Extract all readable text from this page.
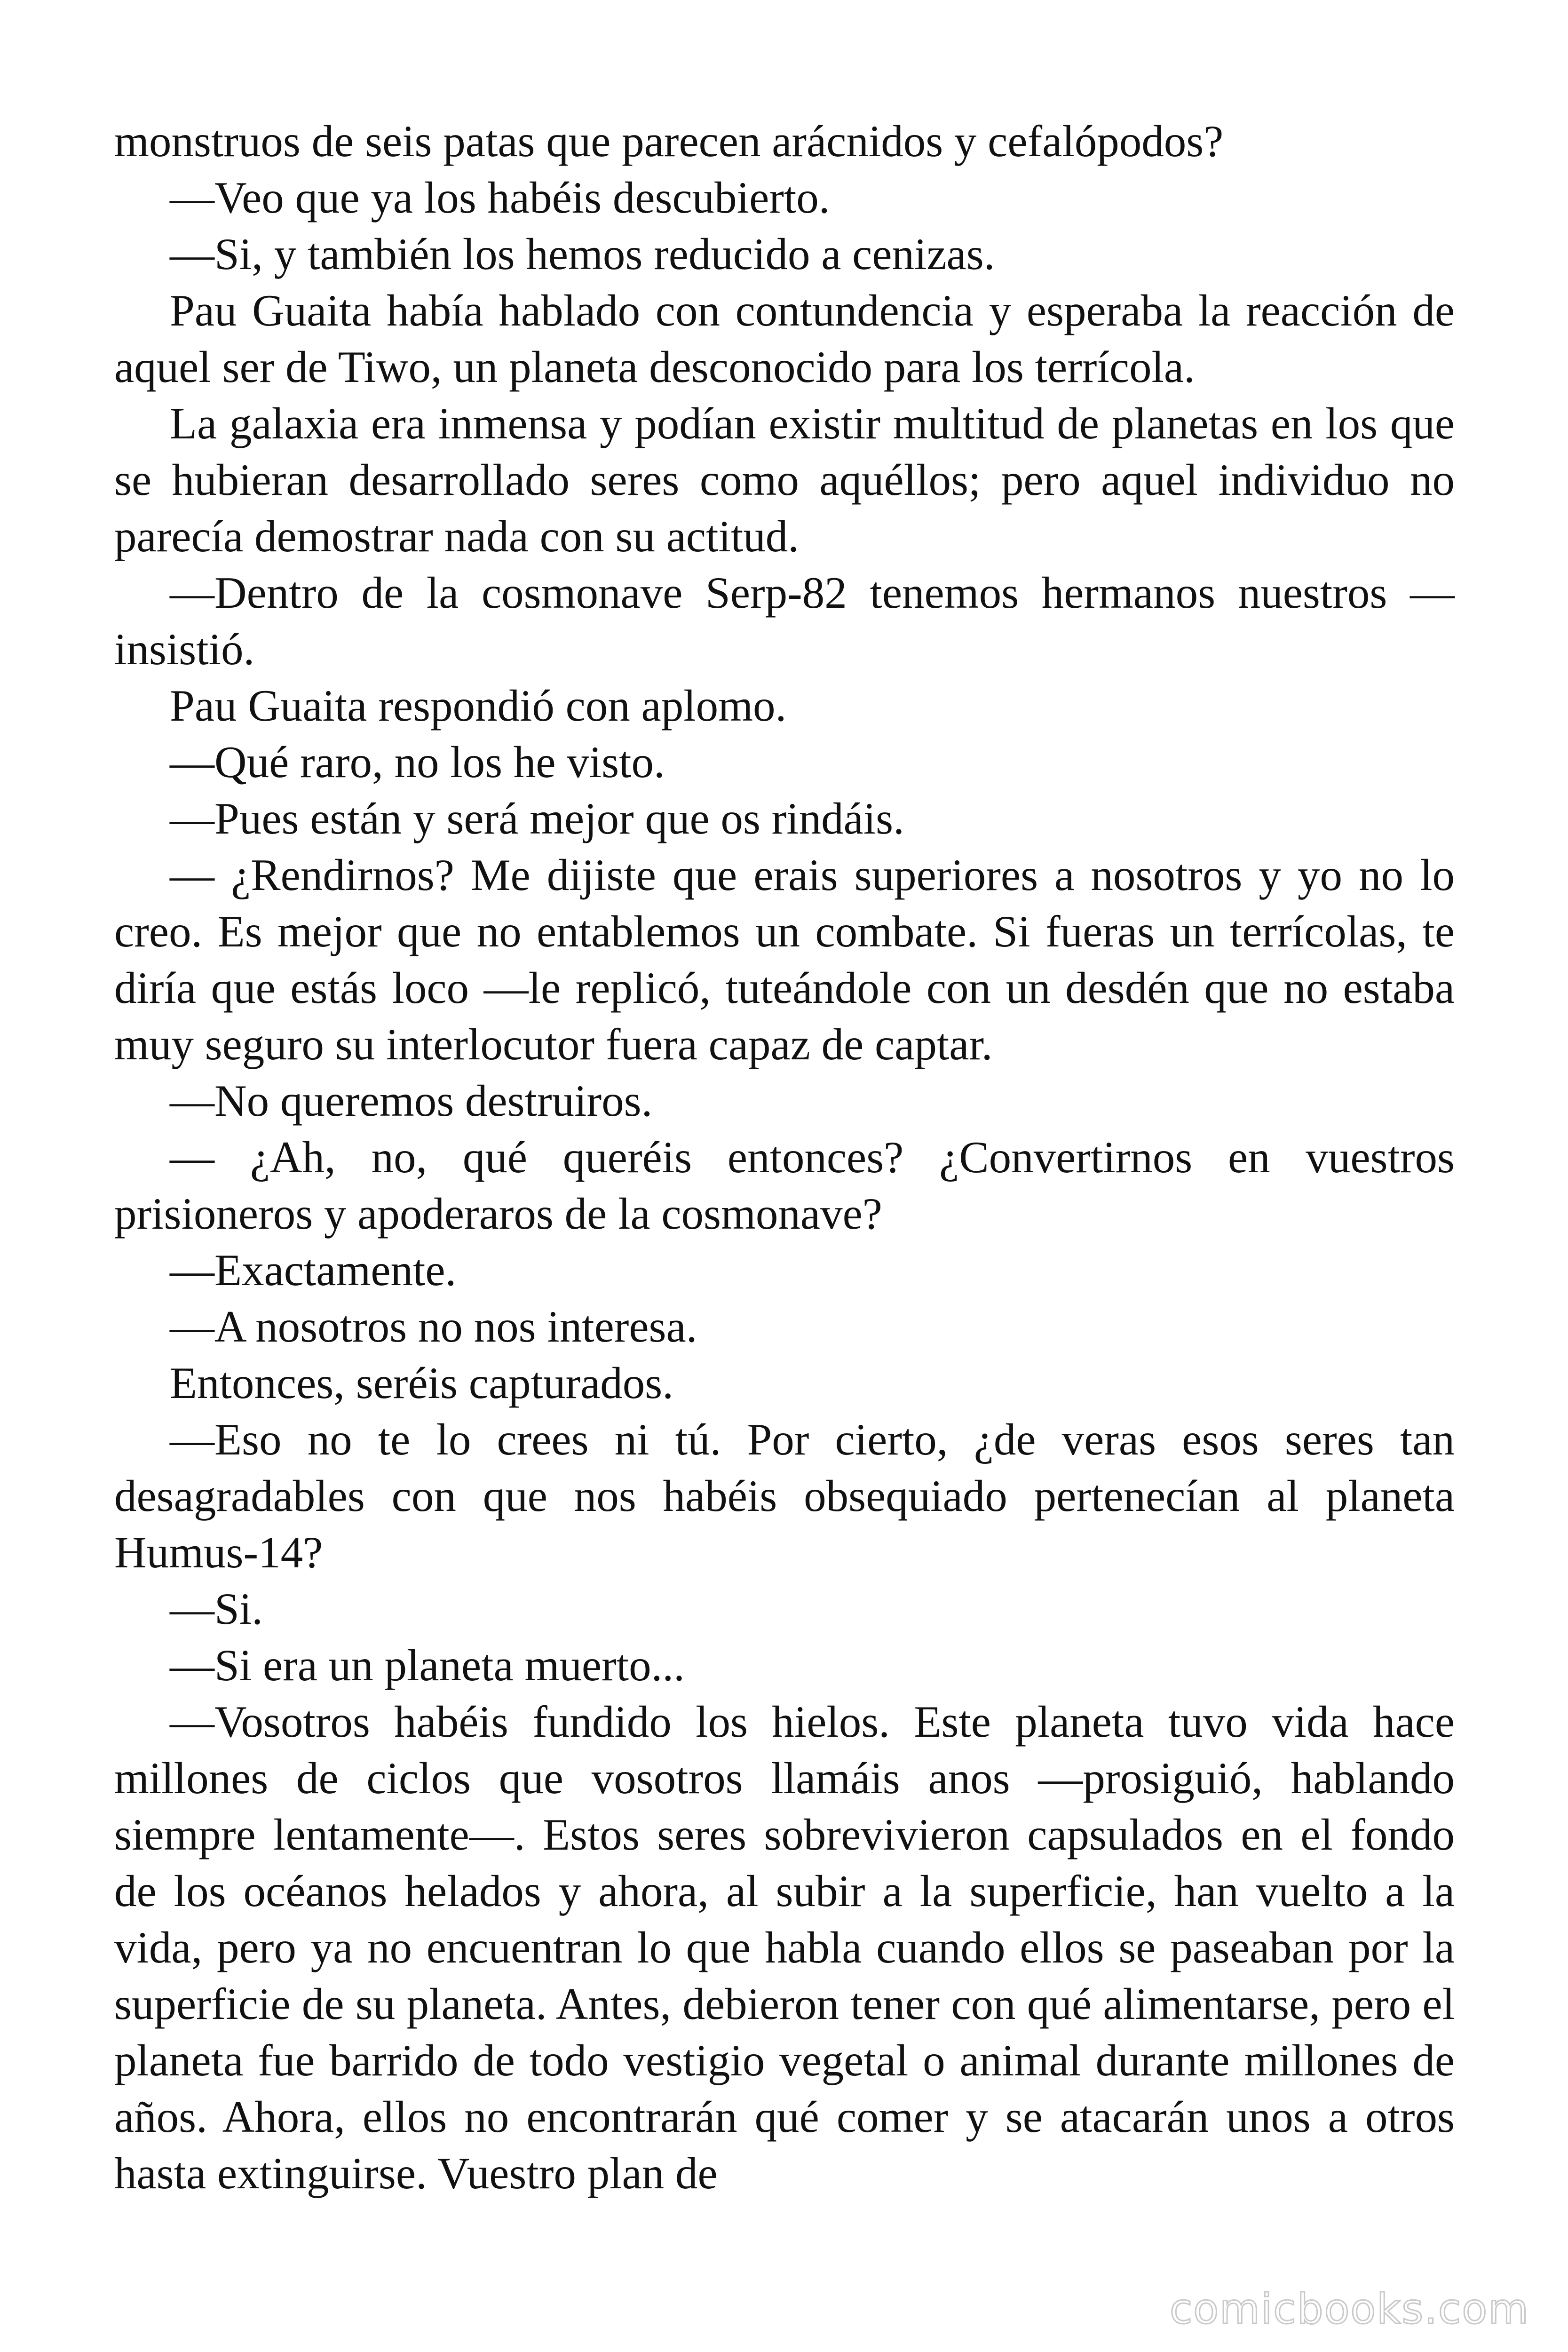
monstruos de seis patas que parecen arácnidos y cefalópodos?

—Veo que ya los habéis descubierto.

—Si, y también los hemos reducido a cenizas.

Pau Guaita había hablado con contundencia y esperaba la reacción de aquel ser de Tiwo, un planeta desconocido para los terrícola.

La galaxia era inmensa y podían existir multitud de planetas en los que se hubieran desarrollado seres como aquéllos; pero aquel individuo no parecía demostrar nada con su actitud.

—Dentro de la cosmonave Serp-82 tenemos hermanos nuestros — insistió.

Pau Guaita respondió con aplomo.

—Qué raro, no los he visto.

—Pues están y será mejor que os rindáis.

— ¿Rendirnos? Me dijiste que erais superiores a nosotros y yo no lo creo. Es mejor que no entablemos un combate. Si fueras un terrícolas, te diría que estás loco —le replicó, tuteándole con un desdén que no estaba muy seguro su interlocutor fuera capaz de captar.

—No queremos destruiros.

— ¿Ah, no, qué queréis entonces? ¿Convertirnos en vuestros prisioneros y apoderaros de la cosmonave?

—Exactamente.

—A nosotros no nos interesa.

Entonces, seréis capturados.

—Eso no te lo crees ni tú. Por cierto, ¿de veras esos seres tan desagradables con que nos habéis obsequiado pertenecían al planeta Humus-14?

—Si.

—Si era un planeta muerto...

—Vosotros habéis fundido los hielos. Este planeta tuvo vida hace millones de ciclos que vosotros llamáis anos —prosiguió, hablando siempre lentamente—. Estos seres sobrevivieron capsulados en el fondo de los océanos helados y ahora, al subir a la superficie, han vuelto a la vida, pero ya no encuentran lo que habla cuando ellos se paseaban por la superficie de su planeta. Antes, debieron tener con qué alimentarse, pero el planeta fue barrido de todo vestigio vegetal o animal durante millones de años. Ahora, ellos no encontrarán qué comer y se atacarán unos a otros hasta extinguirse. Vuestro plan de

comicbooks.com
